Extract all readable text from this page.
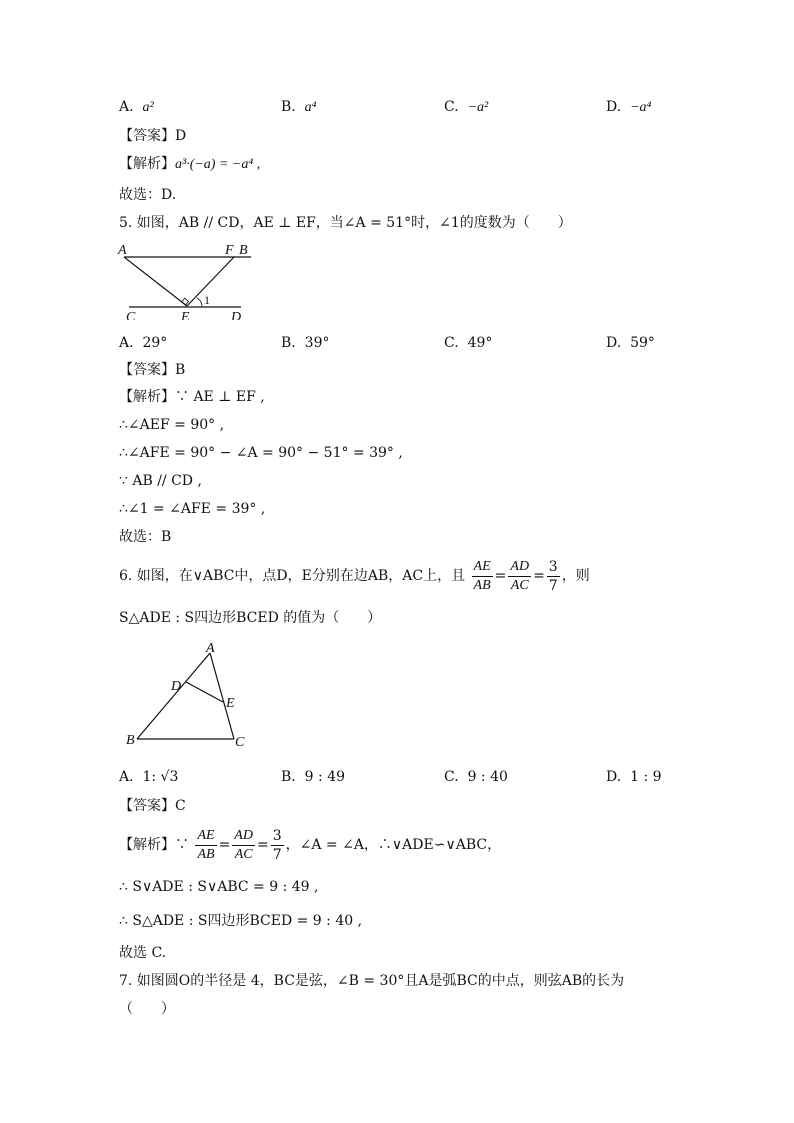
A. a²	B. a⁴	C. −a²	D. −a⁴
【答案】D
【解析】a³·(−a) = −a⁴ ,
故选：D.
5. 如图，AB // CD，AE ⊥ EF，当∠A = 51°时，∠1的度数为（　　）
A	F B
C	E	D
1
A. 29°	B. 39°	C. 49°	D. 59°
【答案】B
【解析】∵ AE ⊥ EF ,
∴∠AEF = 90° ,
∴∠AFE = 90° − ∠A = 90° − 51° = 39° ,
∵ AB // CD ,
∴∠1 = ∠AFE = 39° ,
故选：B
6. 如图，在∨ABC中，点D，E分别在边AB，AC上，且 $\frac{AE}{AB} = \frac{AD}{AC} = \frac{3}{7}$ ，则
S△ADE : S四边形BCED 的值为（　　）
A
D
E
B	C
A. 1: √3	B. 9 : 49	C. 9 : 40	D. 1 : 9
【答案】C
【解析】∵ $\frac{AE}{AB} = \frac{AD}{AC} = \frac{3}{7}$ ，∠A = ∠A，∴∨ADE∽∨ABC，
∴ S∨ADE : S∨ABC = 9 : 49 ,
∴ S△ADE : S四边形BCED = 9 : 40 ,
故选 C.
7. 如图圆O的半径是 4，BC是弦，∠B = 30°且A是弧BC的中点，则弦AB的长为
（　　）
